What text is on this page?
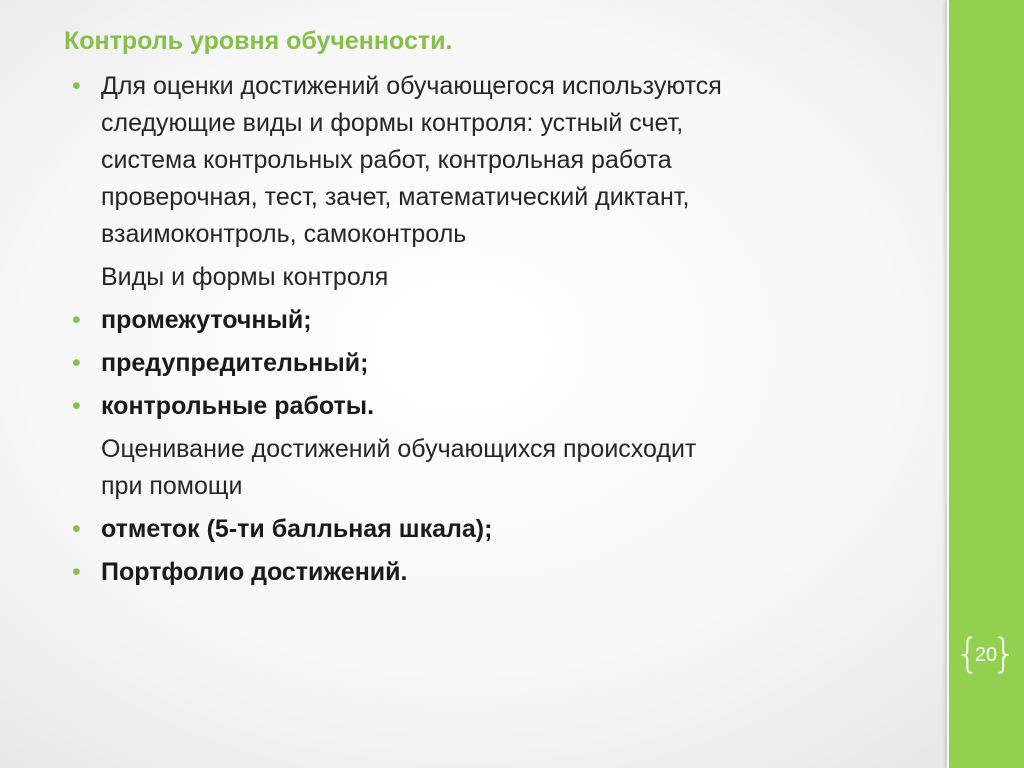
Контроль уровня обученности.
• Для оценки достижений обучающегося используются
следующие виды и формы контроля: устный счет,
система контрольных работ, контрольная работа
проверочная, тест, зачет, математический диктант,
взаимоконтроль, самоконтроль
Виды и формы контроля
• промежуточный;
• предупредительный;
• контрольные работы.
Оценивание достижений обучающихся происходит
при помощи
• отметок (5-ти балльная шкала);
• Портфолио достижений.
{
20
}
